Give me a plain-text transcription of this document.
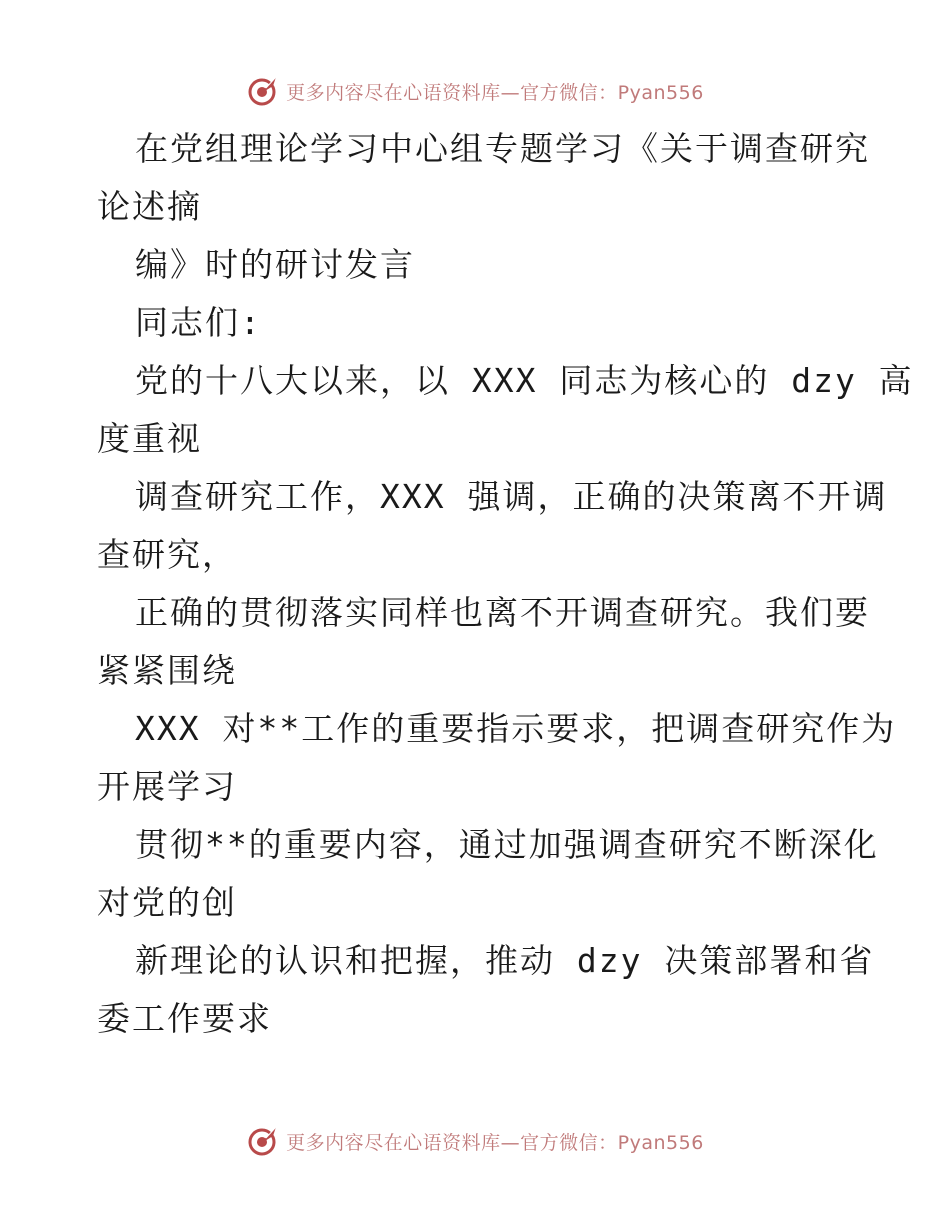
更多内容尽在心语资料库—官方微信：Pyan556
在党组理论学习中心组专题学习《关于调查研究
论述摘
编》时的研讨发言
同志们:
党的十八大以来，以 XXX 同志为核心的 dzy 高
度重视
调查研究工作，XXX 强调，正确的决策离不开调
查研究，
正确的贯彻落实同样也离不开调查研究。我们要
紧紧围绕
XXX 对**工作的重要指示要求，把调查研究作为
开展学习
贯彻**的重要内容，通过加强调查研究不断深化
对党的创
新理论的认识和把握，推动 dzy 决策部署和省
委工作要求
更多内容尽在心语资料库—官方微信：Pyan556
